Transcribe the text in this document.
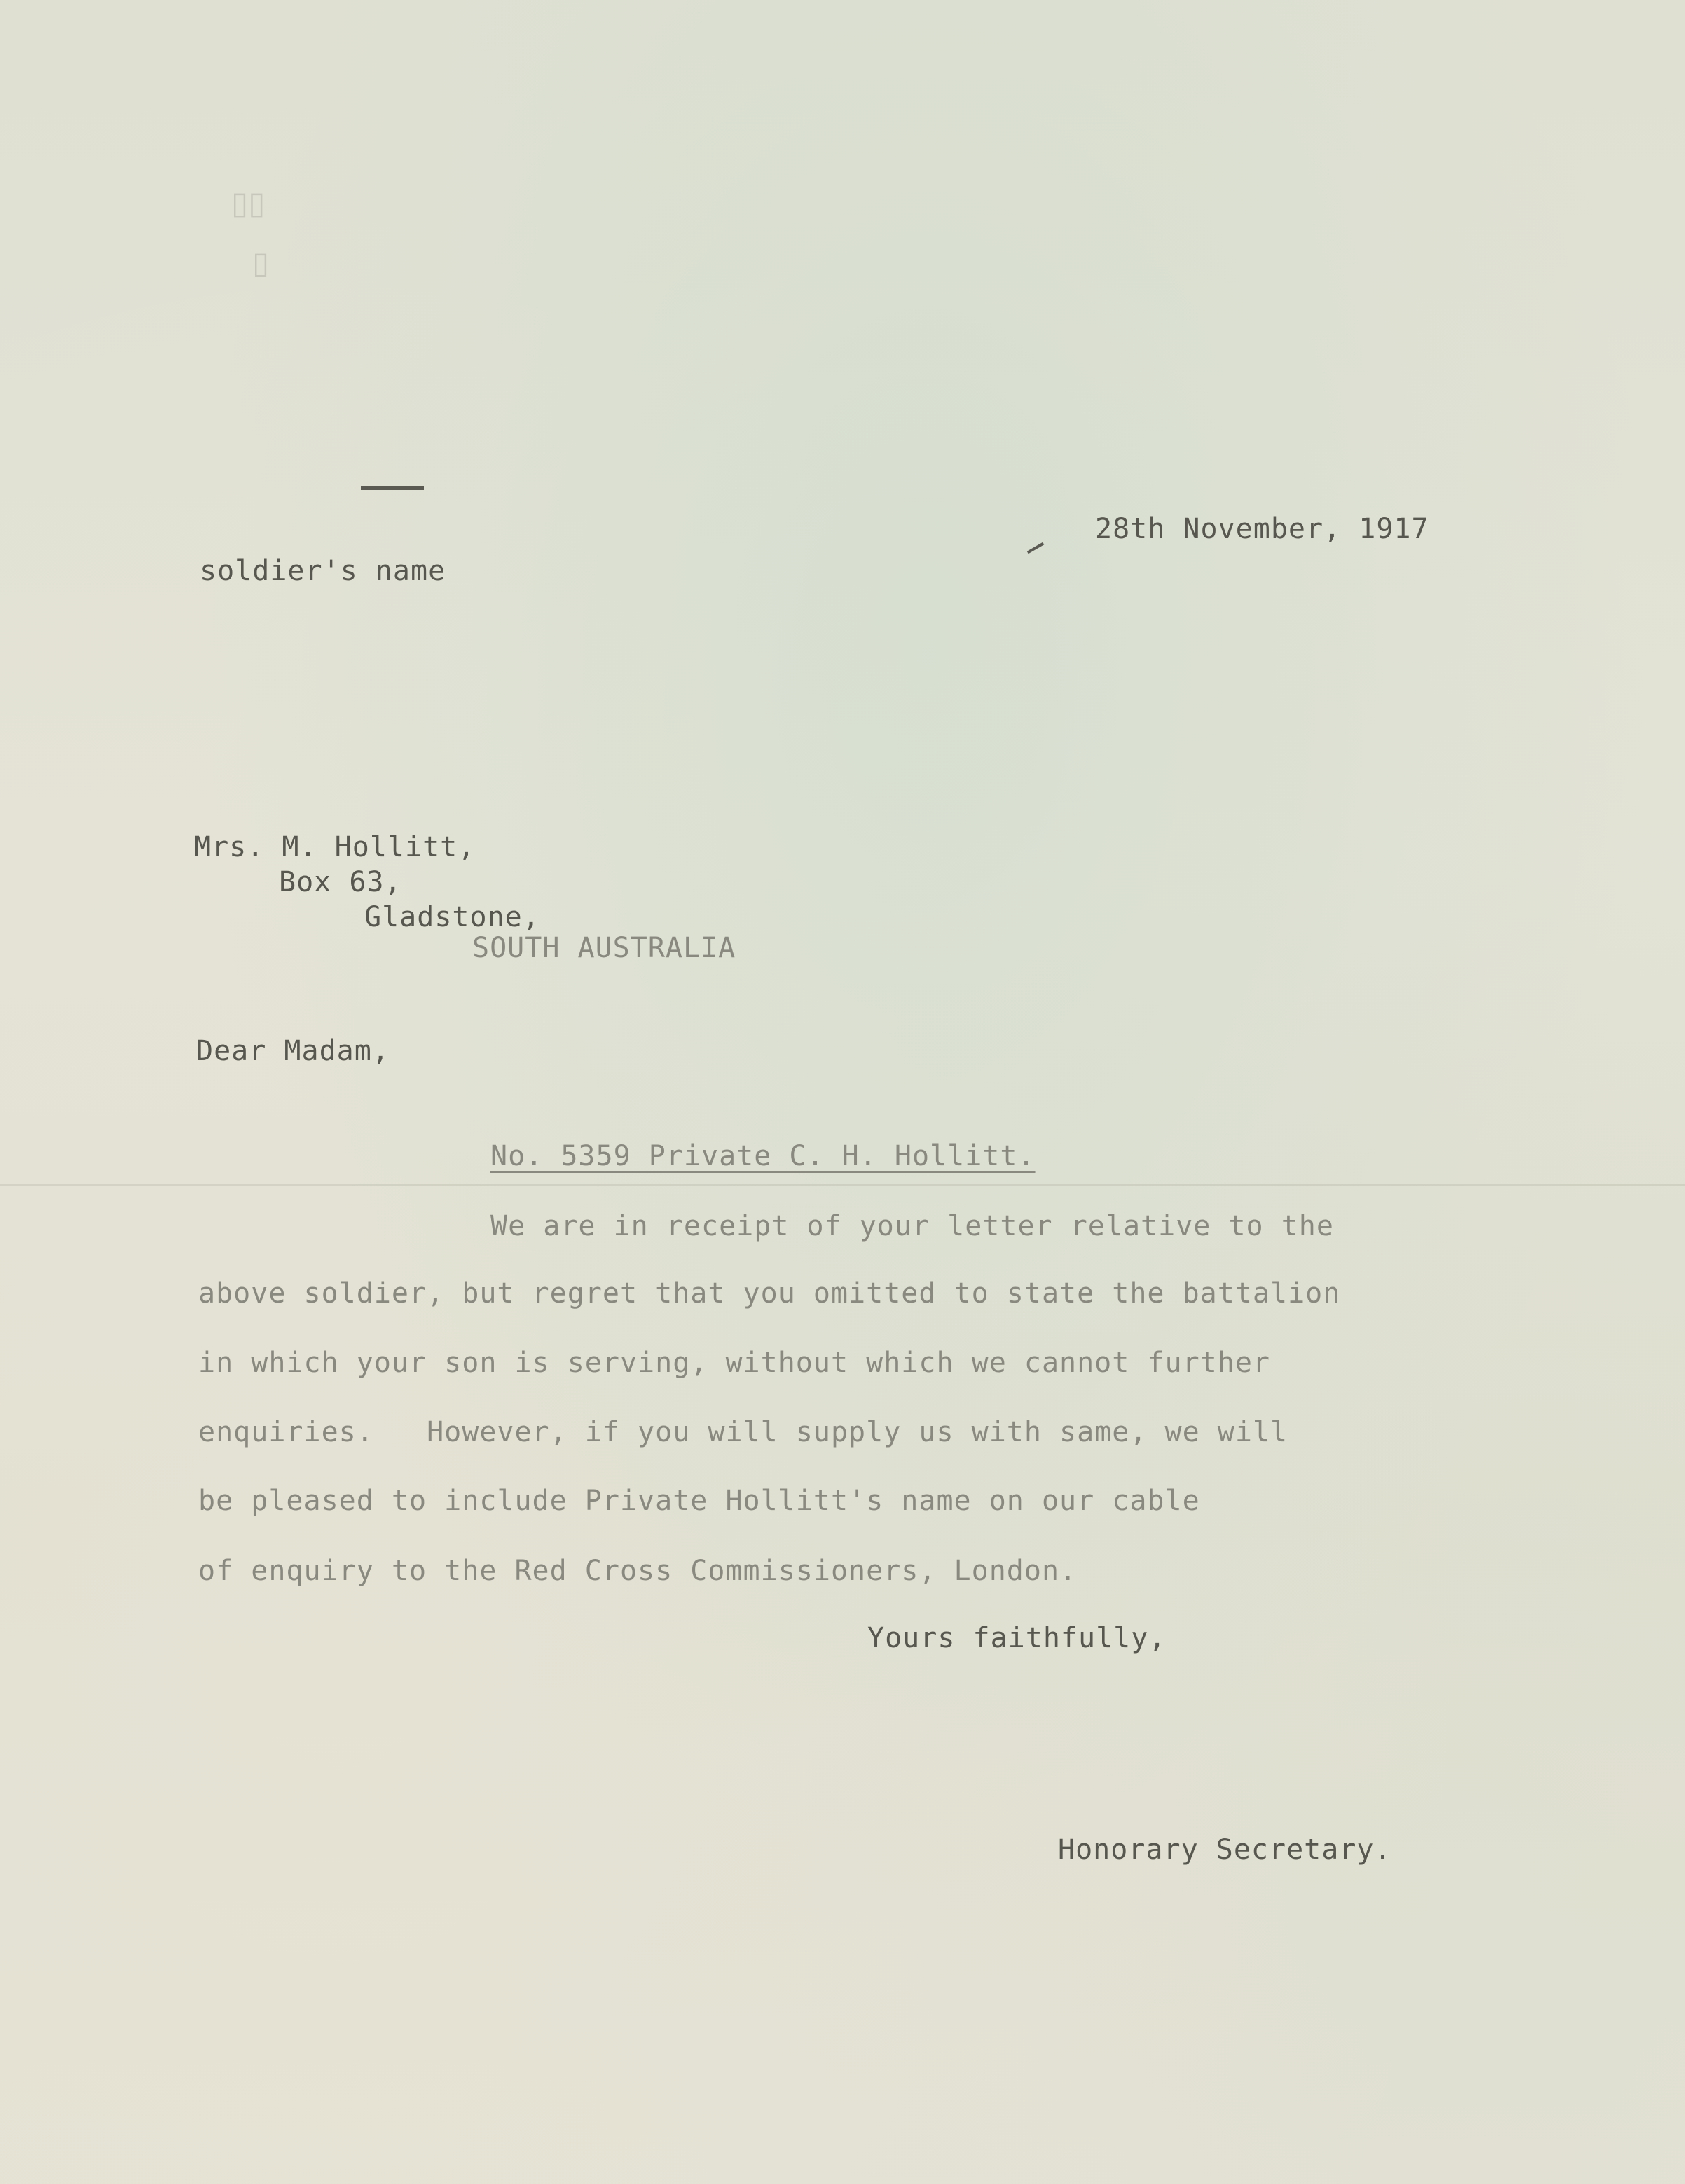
▯▯
▯
28th November, 1917
soldier's name
Mrs. M. Hollitt,
Box 63,
Gladstone,
SOUTH AUSTRALIA
Dear Madam,
No. 5359 Private C. H. Hollitt.
We are in receipt of your letter relative to the
above soldier, but regret that you omitted to state the battalion
in which your son is serving, without which we cannot further
enquiries.   However, if you will supply us with same, we will
be pleased to include Private Hollitt's name on our cable
of enquiry to the Red Cross Commissioners, London.
Yours faithfully,
Honorary Secretary.
